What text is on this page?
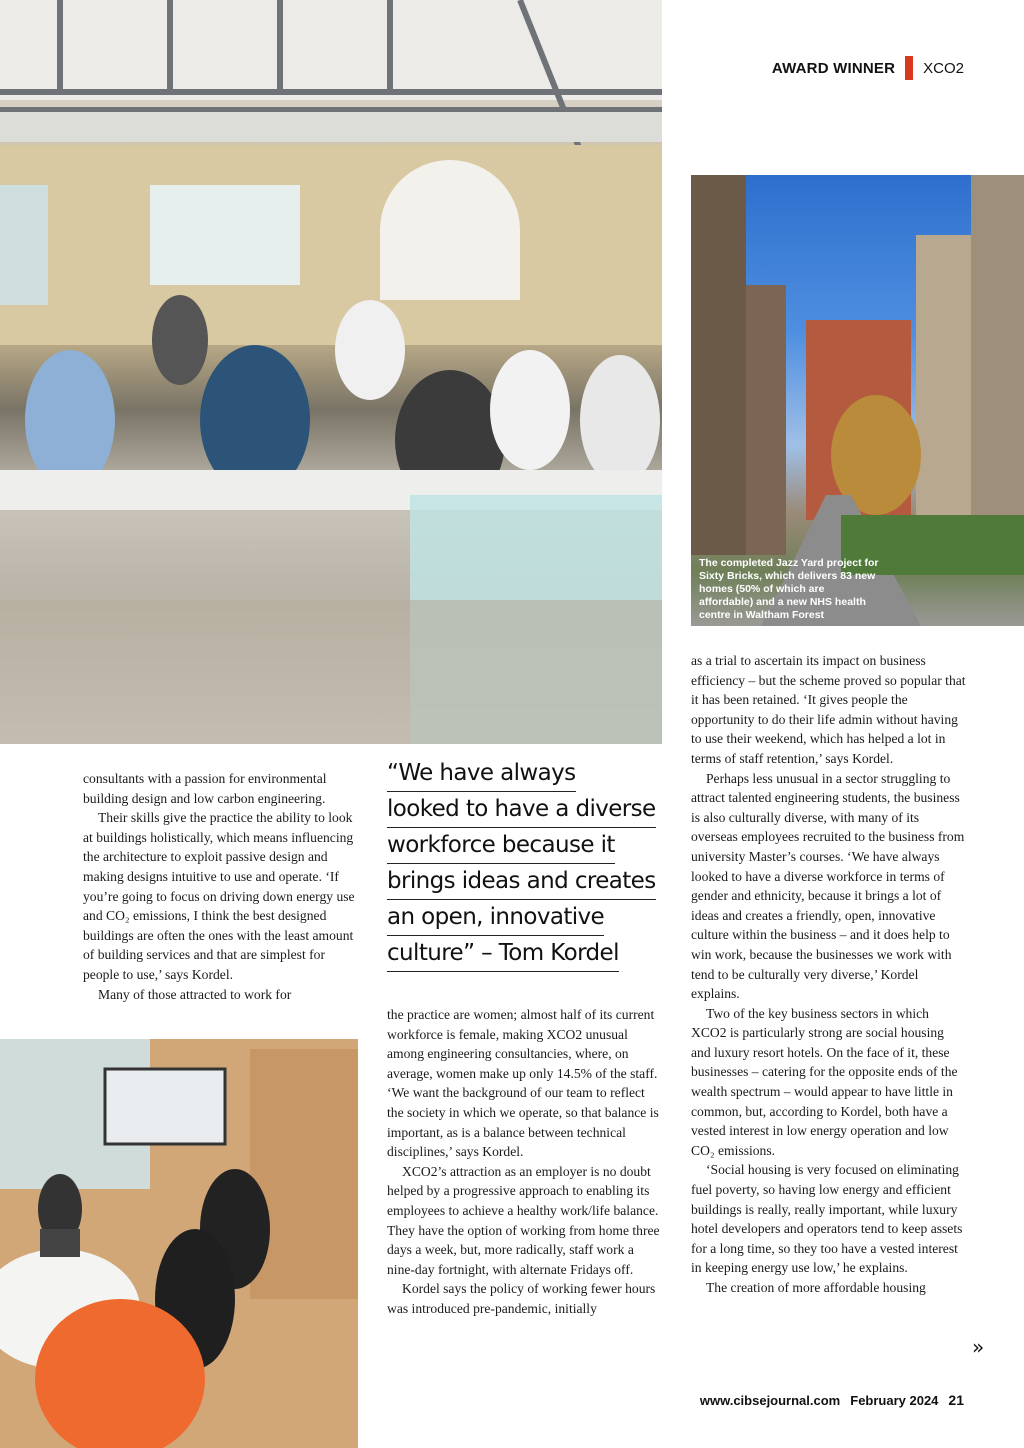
AWARD WINNER XCO2
The completed Jazz Yard project for Sixty Bricks, which delivers 83 new homes (50% of which are affordable) and a new NHS health centre in Waltham Forest

consultants with a passion for environmental building design and low carbon engineering.

Their skills give the practice the ability to look at buildings holistically, which means influencing the architecture to exploit passive design and making designs intuitive to use and operate. ‘If you’re going to focus on driving down energy use and CO₂ emissions, I think the best designed buildings are often the ones with the least amount of building services and that are simplest for people to use,’ says Kordel.

Many of those attracted to work for

“We have always
looked to have a diverse
workforce because it
brings ideas and creates
an open, innovative
culture” – Tom Kordel

the practice are women; almost half of its current workforce is female, making XCO2 unusual among engineering consultancies, where, on average, women make up only 14.5% of the staff. ‘We want the background of our team to reflect the society in which we operate, so that balance is important, as is a balance between technical disciplines,’ says Kordel.

XCO2’s attraction as an employer is no doubt helped by a progressive approach to enabling its employees to achieve a healthy work/life balance. They have the option of working from home three days a week, but, more radically, staff work a nine-day fortnight, with alternate Fridays off.

Kordel says the policy of working fewer hours was introduced pre-pandemic, initially

as a trial to ascertain its impact on business efficiency – but the scheme proved so popular that it has been retained. ‘It gives people the opportunity to do their life admin without having to use their weekend, which has helped a lot in terms of staff retention,’ says Kordel.

Perhaps less unusual in a sector struggling to attract talented engineering students, the business is also culturally diverse, with many of its overseas employees recruited to the business from university Master’s courses. ‘We have always looked to have a diverse workforce in terms of gender and ethnicity, because it brings a lot of ideas and creates a friendly, open, innovative culture within the business – and it does help to win work, because the businesses we work with tend to be culturally very diverse,’ Kordel explains.

Two of the key business sectors in which XCO2 is particularly strong are social housing and luxury resort hotels. On the face of it, these businesses – catering for the opposite ends of the wealth spectrum – would appear to have little in common, but, according to Kordel, both have a vested interest in low energy operation and low CO₂ emissions.

‘Social housing is very focused on eliminating fuel poverty, so having low energy and efficient buildings is really, really important, while luxury hotel developers and operators tend to keep assets for a long time, so they too have a vested interest in keeping energy use low,’ he explains.

The creation of more affordable housing

»
www.cibsejournal.com February 2024 21
